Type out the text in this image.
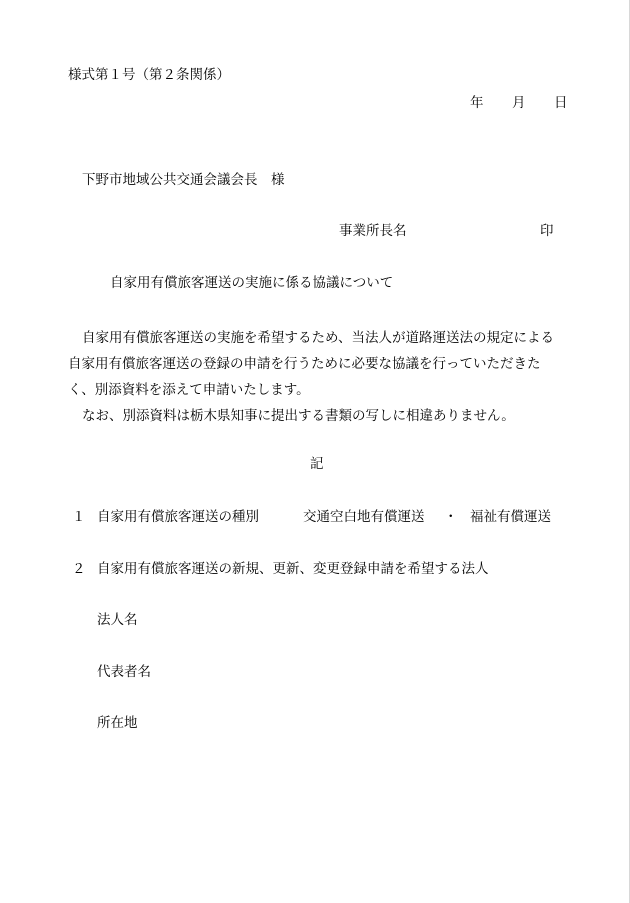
様式第１号（第２条関係）
年 月 日
下野市地域公共交通会議会長　様
事業所長名	印
自家用有償旅客運送の実施に係る協議について

自家用有償旅客運送の実施を希望するため、当法人が道路運送法の規定による

自家用有償旅客運送の登録の申請を行うために必要な協議を行っていただきた

く、別添資料を添えて申請いたします。

なお、別添資料は栃木県知事に提出する書類の写しに相違ありません。

記
１ 自家用有償旅客運送の種別	交通空白地有償運送 ・ 福祉有償運送
２ 自家用有償旅客運送の新規、更新、変更登録申請を希望する法人
法人名
代表者名
所在地
